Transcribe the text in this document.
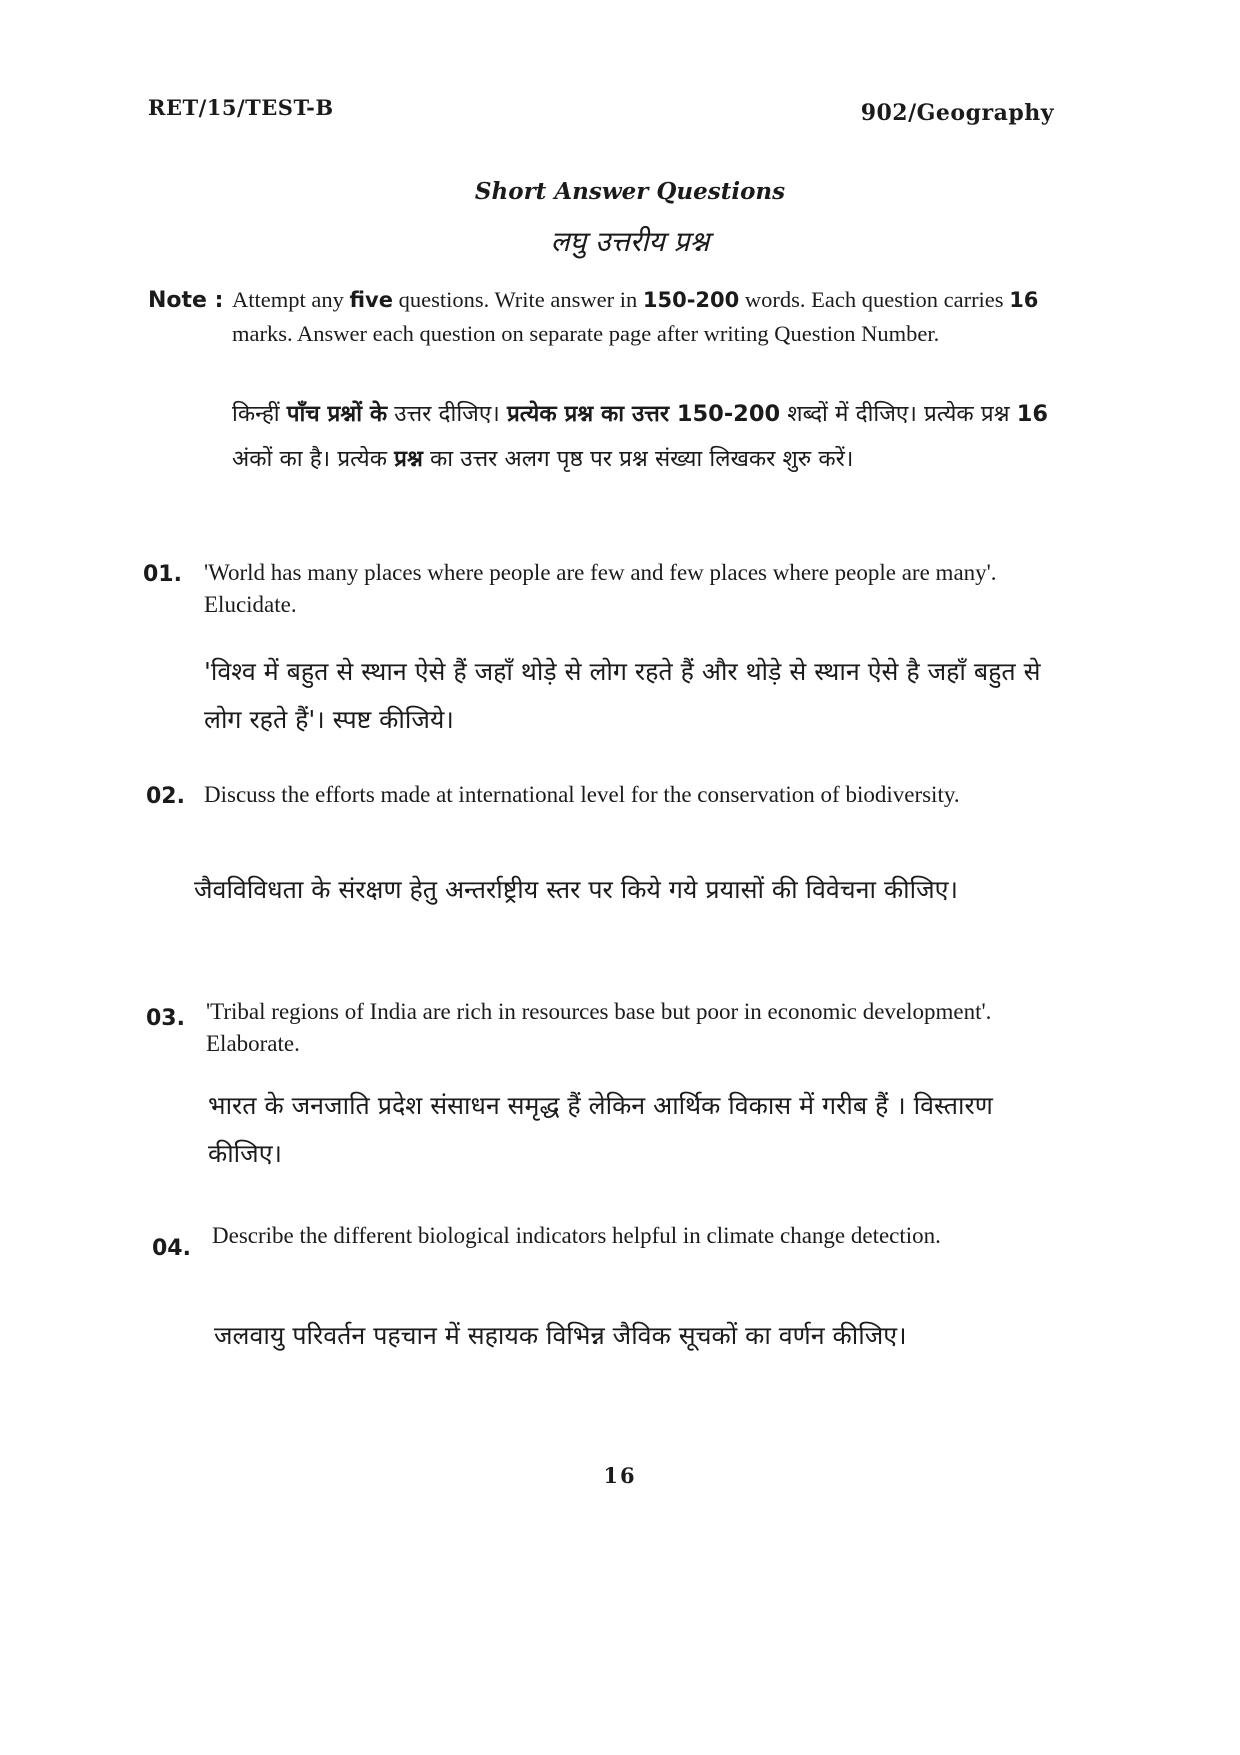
RET/15/TEST-B	902/Geography
Short Answer Questions
लघु उत्तरीय प्रश्न
Note : Attempt any five questions. Write answer in 150-200 words. Each question carries 16 marks. Answer each question on separate page after writing Question Number.
किन्हीं पाँच प्रश्नों के उत्तर दीजिए। प्रत्येक प्रश्न का उत्तर 150-200 शब्दों में दीजिए। प्रत्येक प्रश्न 16 अंकों का है। प्रत्येक प्रश्न का उत्तर अलग पृष्ठ पर प्रश्न संख्या लिखकर शुरु करें।
01. 'World has many places where people are few and few places where people are many'. Elucidate.
'विश्व में बहुत से स्थान ऐसे हैं जहाँ थोड़े से लोग रहते हैं और थोड़े से स्थान ऐसे है जहाँ बहुत से लोग रहते हैं'। स्पष्ट कीजिये।
02. Discuss the efforts made at international level for the conservation of biodiversity.
जैवविविधता के संरक्षण हेतु अन्तर्राष्ट्रीय स्तर पर किये गये प्रयासों की विवेचना कीजिए।
03. 'Tribal regions of India are rich in resources base but poor in economic development'. Elaborate.
भारत के जनजाति प्रदेश संसाधन समृद्ध हैं लेकिन आर्थिक विकास में गरीब हैं । विस्तारण कीजिए।
04.
Describe the different biological indicators helpful in climate change detection.
जलवायु परिवर्तन पहचान में सहायक विभिन्न जैविक सूचकों का वर्णन कीजिए।
16
